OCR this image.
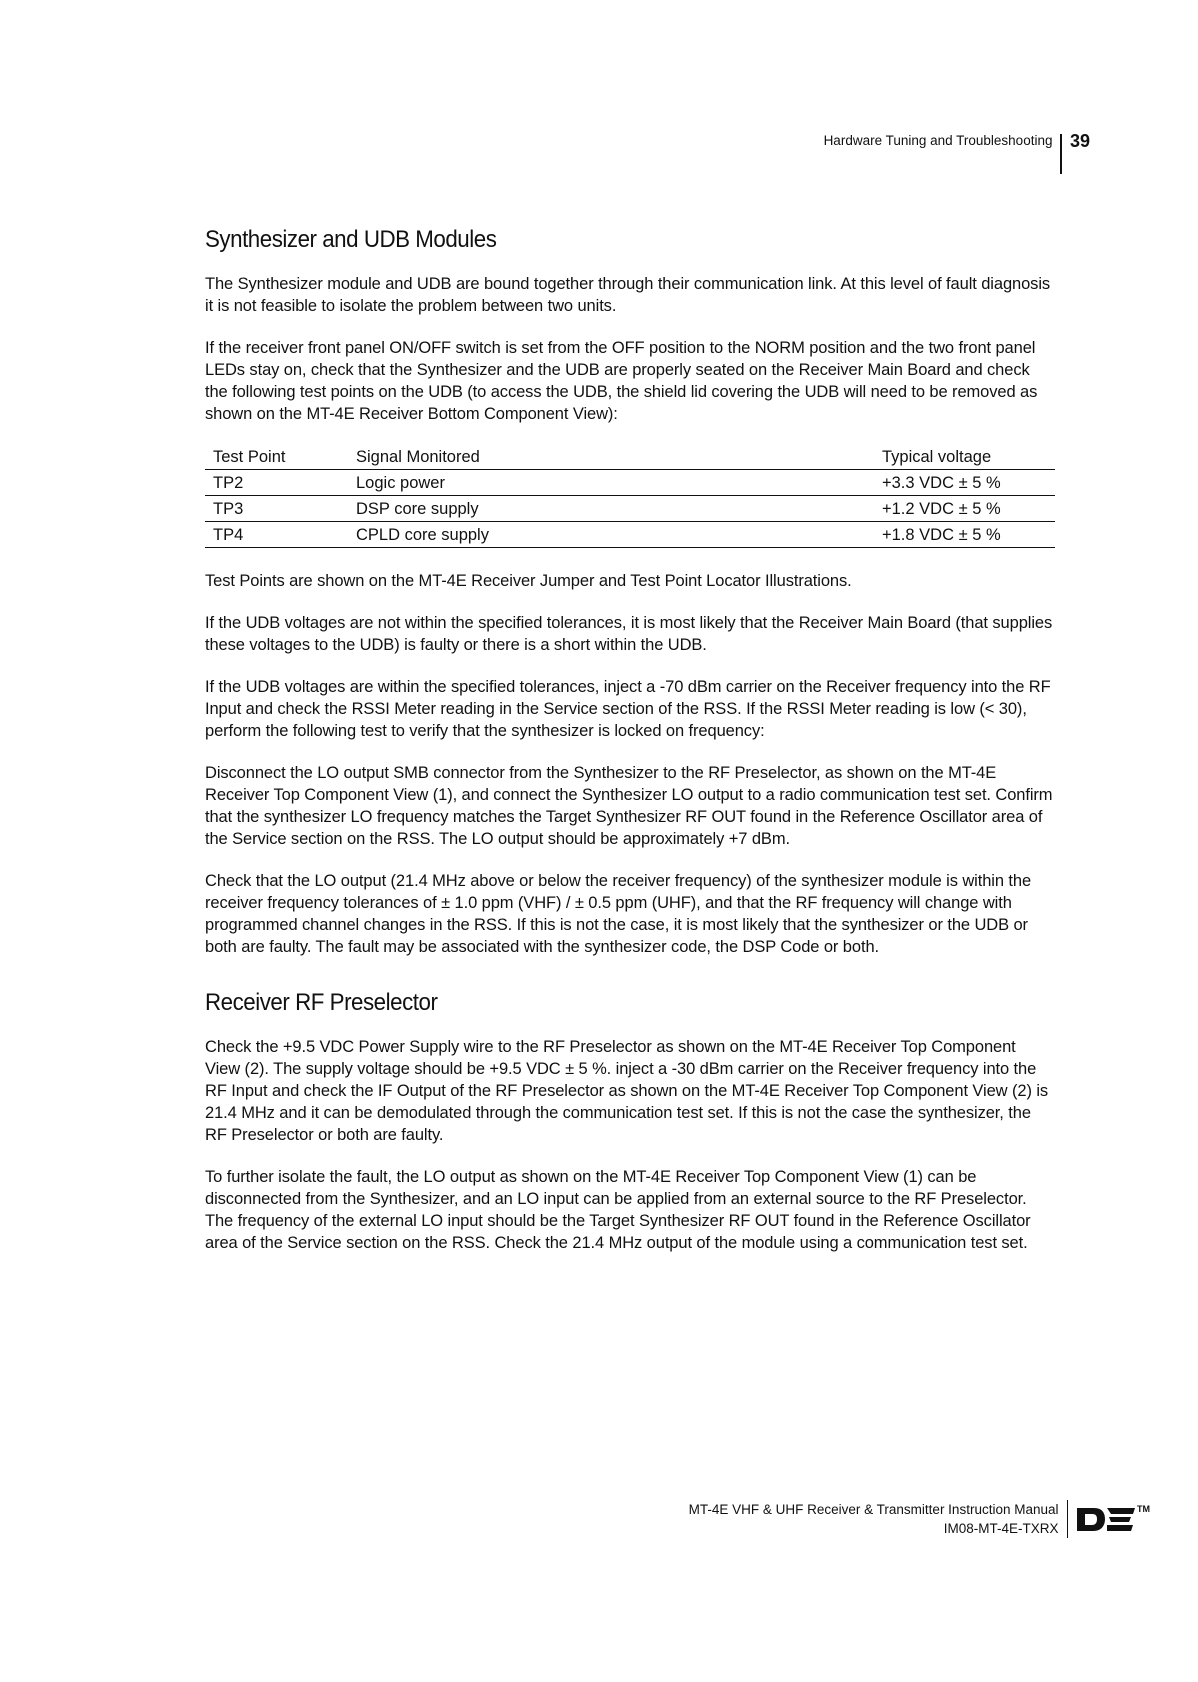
Hardware Tuning and Troubleshooting 39
Synthesizer and UDB Modules

The Synthesizer module and UDB are bound together through their communication link. At this level of fault diagnosis it is not feasible to isolate the problem between two units.

If the receiver front panel ON/OFF switch is set from the OFF position to the NORM position and the two front panel LEDs stay on, check that the Synthesizer and the UDB are properly seated on the Receiver Main Board and check the following test points on the UDB (to access the UDB, the shield lid covering the UDB will need to be removed as shown on the MT-4E Receiver Bottom Component View):

Test Point	Signal Monitored	Typical voltage
TP2	Logic power	+3.3 VDC ± 5 %
TP3	DSP core supply	+1.2 VDC ± 5 %
TP4	CPLD core supply	+1.8 VDC ± 5 %

Test Points are shown on the MT-4E Receiver Jumper and Test Point Locator Illustrations.

If the UDB voltages are not within the specified tolerances, it is most likely that the Receiver Main Board (that supplies these voltages to the UDB) is faulty or there is a short within the UDB.

If the UDB voltages are within the specified tolerances, inject a -70 dBm carrier on the Receiver frequency into the RF Input and check the RSSI Meter reading in the Service section of the RSS. If the RSSI Meter reading is low (< 30), perform the following test to verify that the synthesizer is locked on frequency:

Disconnect the LO output SMB connector from the Synthesizer to the RF Preselector, as shown on the MT-4E Receiver Top Component View (1), and connect the Synthesizer LO output to a radio communication test set. Confirm that the synthesizer LO frequency matches the Target Synthesizer RF OUT found in the Reference Oscillator area of the Service section on the RSS. The LO output should be approximately +7 dBm.

Check that the LO output (21.4 MHz above or below the receiver frequency) of the synthesizer module is within the receiver frequency tolerances of ± 1.0 ppm (VHF) / ± 0.5 ppm (UHF), and that the RF frequency will change with programmed channel changes in the RSS. If this is not the case, it is most likely that the synthesizer or the UDB or both are faulty. The fault may be associated with the synthesizer code, the DSP Code or both.

Receiver RF Preselector

Check the +9.5 VDC Power Supply wire to the RF Preselector as shown on the MT-4E Receiver Top Component View (2). The supply voltage should be +9.5 VDC ± 5 %. inject a -30 dBm carrier on the Receiver frequency into the RF Input and check the IF Output of the RF Preselector as shown on the MT-4E Receiver Top Component View (2) is 21.4 MHz and it can be demodulated through the communication test set. If this is not the case the synthesizer, the RF Preselector or both are faulty.

To further isolate the fault, the LO output as shown on the MT-4E Receiver Top Component View (1) can be disconnected from the Synthesizer, and an LO input can be applied from an external source to the RF Preselector. The frequency of the external LO input should be the Target Synthesizer RF OUT found in the Reference Oscillator area of the Service section on the RSS. Check the 21.4 MHz output of the module using a communication test set.

MT-4E VHF & UHF Receiver & Transmitter Instruction Manual
IM08-MT-4E-TXRX
TM
